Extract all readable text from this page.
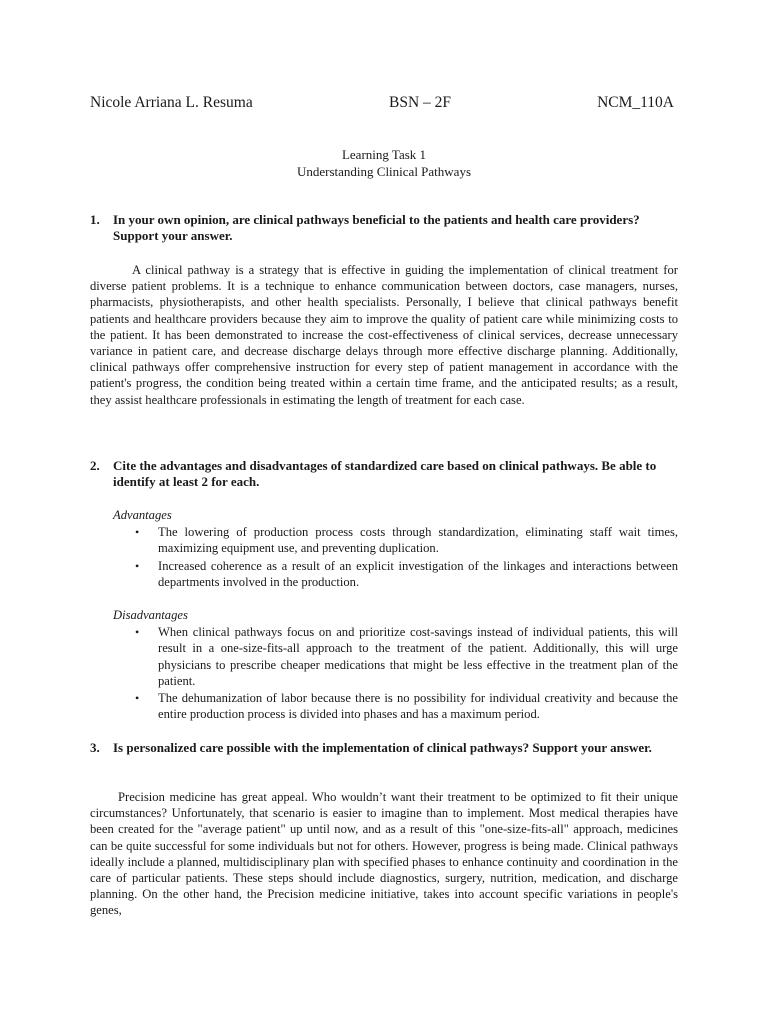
Nicole Arriana L. Resuma	BSN – 2F	NCM_110A
Learning Task 1
Understanding Clinical Pathways
1. In your own opinion, are clinical pathways beneficial to the patients and health care providers? Support your answer.
A clinical pathway is a strategy that is effective in guiding the implementation of clinical treatment for diverse patient problems. It is a technique to enhance communication between doctors, case managers, nurses, pharmacists, physiotherapists, and other health specialists. Personally, I believe that clinical pathways benefit patients and healthcare providers because they aim to improve the quality of patient care while minimizing costs to the patient. It has been demonstrated to increase the cost-effectiveness of clinical services, decrease unnecessary variance in patient care, and decrease discharge delays through more effective discharge planning. Additionally, clinical pathways offer comprehensive instruction for every step of patient management in accordance with the patient's progress, the condition being treated within a certain time frame, and the anticipated results; as a result, they assist healthcare professionals in estimating the length of treatment for each case.
2. Cite the advantages and disadvantages of standardized care based on clinical pathways. Be able to identify at least 2 for each.
Advantages
• The lowering of production process costs through standardization, eliminating staff wait times, maximizing equipment use, and preventing duplication.
• Increased coherence as a result of an explicit investigation of the linkages and interactions between departments involved in the production.
Disadvantages
• When clinical pathways focus on and prioritize cost-savings instead of individual patients, this will result in a one-size-fits-all approach to the treatment of the patient. Additionally, this will urge physicians to prescribe cheaper medications that might be less effective in the treatment plan of the patient.
• The dehumanization of labor because there is no possibility for individual creativity and because the entire production process is divided into phases and has a maximum period.
3. Is personalized care possible with the implementation of clinical pathways? Support your answer.
Precision medicine has great appeal. Who wouldn’t want their treatment to be optimized to fit their unique circumstances? Unfortunately, that scenario is easier to imagine than to implement. Most medical therapies have been created for the "average patient" up until now, and as a result of this "one-size-fits-all" approach, medicines can be quite successful for some individuals but not for others. However, progress is being made. Clinical pathways ideally include a planned, multidisciplinary plan with specified phases to enhance continuity and coordination in the care of particular patients. These steps should include diagnostics, surgery, nutrition, medication, and discharge planning. On the other hand, the Precision medicine initiative, takes into account specific variations in people's genes,
